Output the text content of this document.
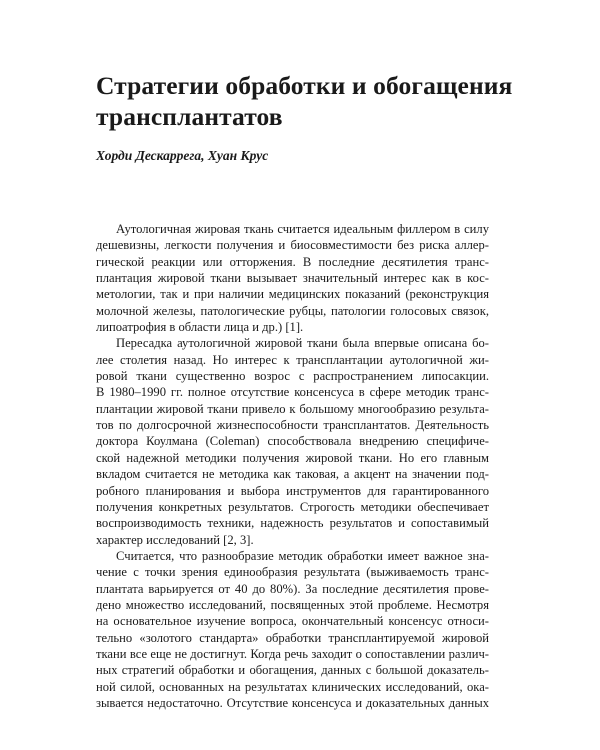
Стратегии обработки и обогащения
трансплантатов

Хорди Дескаррега, Хуан Крус

Аутологичная жировая ткань считается идеальным филлером в силу
дешевизны, легкости получения и биосовместимости без риска аллер-
гической реакции или отторжения. В последние десятилетия транс-
плантация жировой ткани вызывает значительный интерес как в кос-
метологии, так и при наличии медицинских показаний (реконструкция
молочной железы, патологические рубцы, патологии голосовых связок,
липоатрофия в области лица и др.) [1].

Пересадка аутологичной жировой ткани была впервые описана бо-
лее столетия назад. Но интерес к трансплантации аутологичной жи-
ровой ткани существенно возрос с распространением липосакции.
В 1980–1990 гг. полное отсутствие консенсуса в сфере методик транс-
плантации жировой ткани привело к большому многообразию результа-
тов по долгосрочной жизнеспособности трансплантатов. Деятельность
доктора Коулмана (Coleman) способствовала внедрению специфиче-
ской надежной методики получения жировой ткани. Но его главным
вкладом считается не методика как таковая, а акцент на значении под-
робного планирования и выбора инструментов для гарантированного
получения конкретных результатов. Строгость методики обеспечивает
воспроизводимость техники, надежность результатов и сопоставимый
характер исследований [2, 3].

Считается, что разнообразие методик обработки имеет важное зна-
чение с точки зрения единообразия результата (выживаемость транс-
плантата варьируется от 40 до 80%). За последние десятилетия прове-
дено множество исследований, посвященных этой проблеме. Несмотря
на основательное изучение вопроса, окончательный консенсус относи-
тельно «золотого стандарта» обработки трансплантируемой жировой
ткани все еще не достигнут. Когда речь заходит о сопоставлении различ-
ных стратегий обработки и обогащения, данных с большой доказатель-
ной силой, основанных на результатах клинических исследований, ока-
зывается недостаточно. Отсутствие консенсуса и доказательных данных
